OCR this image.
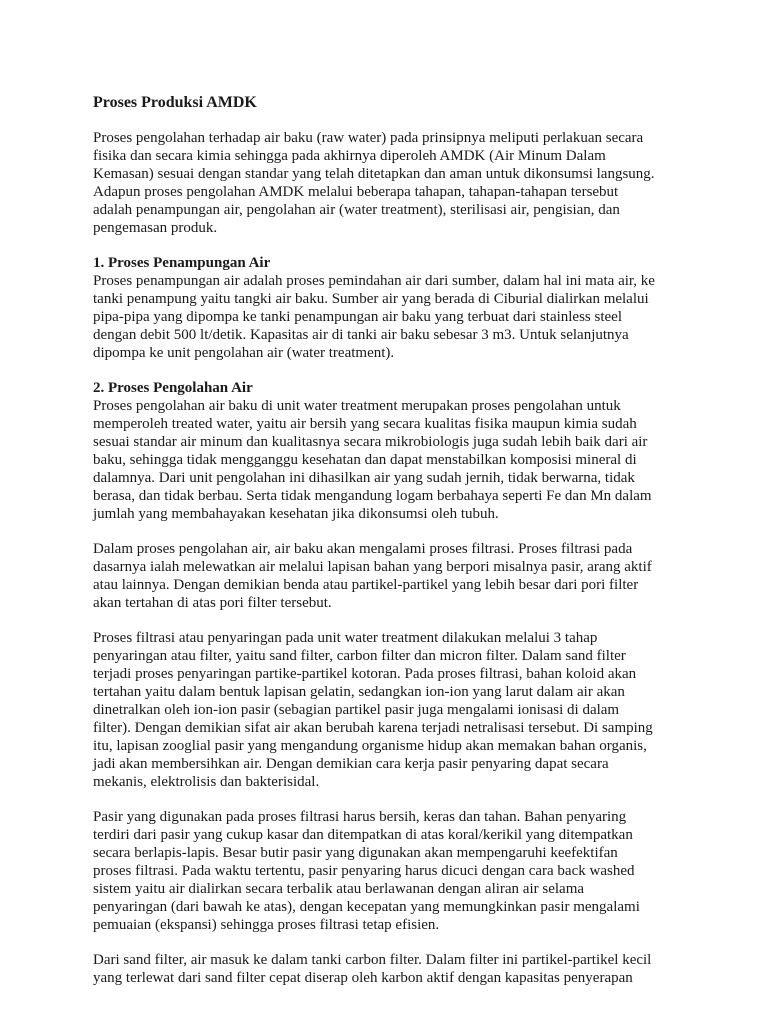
Proses Produksi AMDK

Proses pengolahan terhadap air baku (raw water) pada prinsipnya meliputi perlakuan secara
fisika dan secara kimia sehingga pada akhirnya diperoleh AMDK (Air Minum Dalam
Kemasan) sesuai dengan standar yang telah ditetapkan dan aman untuk dikonsumsi langsung.
Adapun proses pengolahan AMDK melalui beberapa tahapan, tahapan-tahapan tersebut
adalah penampungan air, pengolahan air (water treatment), sterilisasi air, pengisian, dan
pengemasan produk.

1. Proses Penampungan Air
Proses penampungan air adalah proses pemindahan air dari sumber, dalam hal ini mata air, ke
tanki penampung yaitu tangki air baku. Sumber air yang berada di Ciburial dialirkan melalui
pipa-pipa yang dipompa ke tanki penampungan air baku yang terbuat dari stainless steel
dengan debit 500 lt/detik. Kapasitas air di tanki air baku sebesar 3 m3. Untuk selanjutnya
dipompa ke unit pengolahan air (water treatment).
2. Proses Pengolahan Air
Proses pengolahan air baku di unit water treatment merupakan proses pengolahan untuk
memperoleh treated water, yaitu air bersih yang secara kualitas fisika maupun kimia sudah
sesuai standar air minum dan kualitasnya secara mikrobiologis juga sudah lebih baik dari air
baku, sehingga tidak mengganggu kesehatan dan dapat menstabilkan komposisi mineral di
dalamnya. Dari unit pengolahan ini dihasilkan air yang sudah jernih, tidak berwarna, tidak
berasa, dan tidak berbau. Serta tidak mengandung logam berbahaya seperti Fe dan Mn dalam
jumlah yang membahayakan kesehatan jika dikonsumsi oleh tubuh.

Dalam proses pengolahan air, air baku akan mengalami proses filtrasi. Proses filtrasi pada
dasarnya ialah melewatkan air melalui lapisan bahan yang berpori misalnya pasir, arang aktif
atau lainnya. Dengan demikian benda atau partikel-partikel yang lebih besar dari pori filter
akan tertahan di atas pori filter tersebut.

Proses filtrasi atau penyaringan pada unit water treatment dilakukan melalui 3 tahap
penyaringan atau filter, yaitu sand filter, carbon filter dan micron filter. Dalam sand filter
terjadi proses penyaringan partike-partikel kotoran. Pada proses filtrasi, bahan koloid akan
tertahan yaitu dalam bentuk lapisan gelatin, sedangkan ion-ion yang larut dalam air akan
dinetralkan oleh ion-ion pasir (sebagian partikel pasir juga mengalami ionisasi di dalam
filter). Dengan demikian sifat air akan berubah karena terjadi netralisasi tersebut. Di samping
itu, lapisan zooglial pasir yang mengandung organisme hidup akan memakan bahan organis,
jadi akan membersihkan air. Dengan demikian cara kerja pasir penyaring dapat secara
mekanis, elektrolisis dan bakterisidal.

Pasir yang digunakan pada proses filtrasi harus bersih, keras dan tahan. Bahan penyaring
terdiri dari pasir yang cukup kasar dan ditempatkan di atas koral/kerikil yang ditempatkan
secara berlapis-lapis. Besar butir pasir yang digunakan akan mempengaruhi keefektifan
proses filtrasi. Pada waktu tertentu, pasir penyaring harus dicuci dengan cara back washed
sistem yaitu air dialirkan secara terbalik atau berlawanan dengan aliran air selama
penyaringan (dari bawah ke atas), dengan kecepatan yang memungkinkan pasir mengalami
pemuaian (ekspansi) sehingga proses filtrasi tetap efisien.

Dari sand filter, air masuk ke dalam tanki carbon filter. Dalam filter ini partikel-partikel kecil
yang terlewat dari sand filter cepat diserap oleh karbon aktif dengan kapasitas penyerapan
